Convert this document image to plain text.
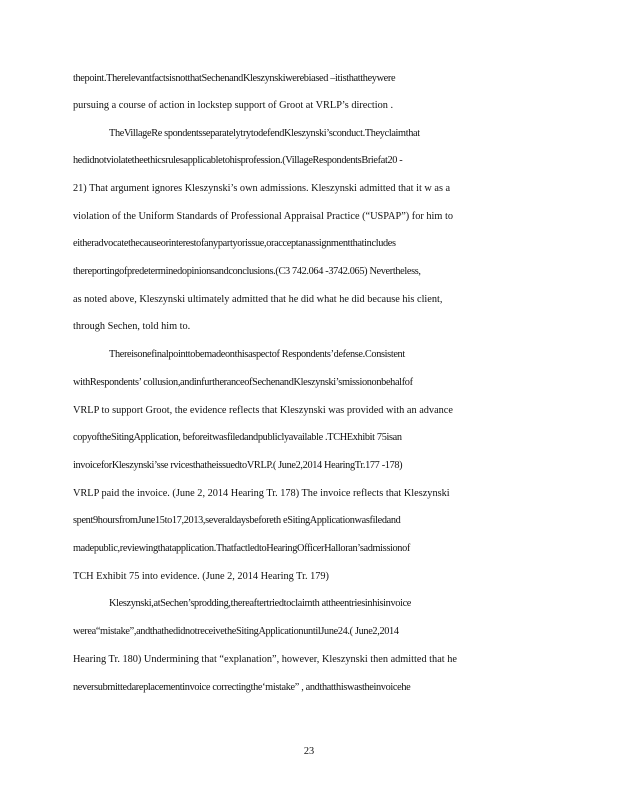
thepoint.TherelevantfactsisnotthatSechenandKleszynskiwerebiased –itisthattheywere
pursuing a course of action in lockstep support of Groot at VRLP’s direction .
TheVillageRe spondentsseparatelytrytodefendKleszynski’sconduct.Theyclaimthat
hedidnotviolatetheethicsrulesapplicabletohisprofession.(VillageRespondentsBriefat20 -
21) That argument ignores Kleszynski’s own admissions. Kleszynski admitted that it w as a
violation of the Uniform Standards of Professional Appraisal Practice (“USPAP”) for him to
eitheradvocatethecauseorinterestofanypartyorissue,oracceptanassignmentthatincludes
thereportingofpredeterminedopinionsandconclusions.(C3 742.064 -3742.065) Nevertheless,
as noted above, Kleszynski ultimately admitted that he did what he did because his client,
through Sechen, told him to.
Thereisonefinalpointtobemadeonthisaspectof Respondents’defense.Consistent
withRespondents’ collusion,andinfurtheranceofSechenandKleszynski’smissiononbehalfof
VRLP to support Groot, the evidence reflects that Kleszynski was provided with an advance
copyoftheSitingApplication, beforeitwasfiledandpubliclyavailable .TCHExhibit 75isan
invoiceforKleszynski’sse rvicesthatheissuedtoVRLP.( June2,2014 HearingTr.177 -178)
VRLP paid the invoice. (June 2, 2014 Hearing Tr. 178) The invoice reflects that Kleszynski
spent9hoursfromJune15to17,2013,severaldaysbeforeth eSitingApplicationwasfiledand
madepublic,reviewingthatapplication.ThatfactledtoHearingOfficerHalloran’sadmissionof
TCH Exhibit 75 into evidence. (June 2, 2014 Hearing Tr. 179)
Kleszynski,atSechen’sprodding,thereaftertriedtoclaimth attheentriesinhisinvoice
werea“mistake”,andthathedidnotreceivetheSitingApplicationuntilJune24.( June2,2014
Hearing Tr. 180) Undermining that “explanation”, however, Kleszynski then admitted that he
neversubmittedareplacementinvoice correctingthe‘mistake” , andthatthiswastheinvoicehe
23
